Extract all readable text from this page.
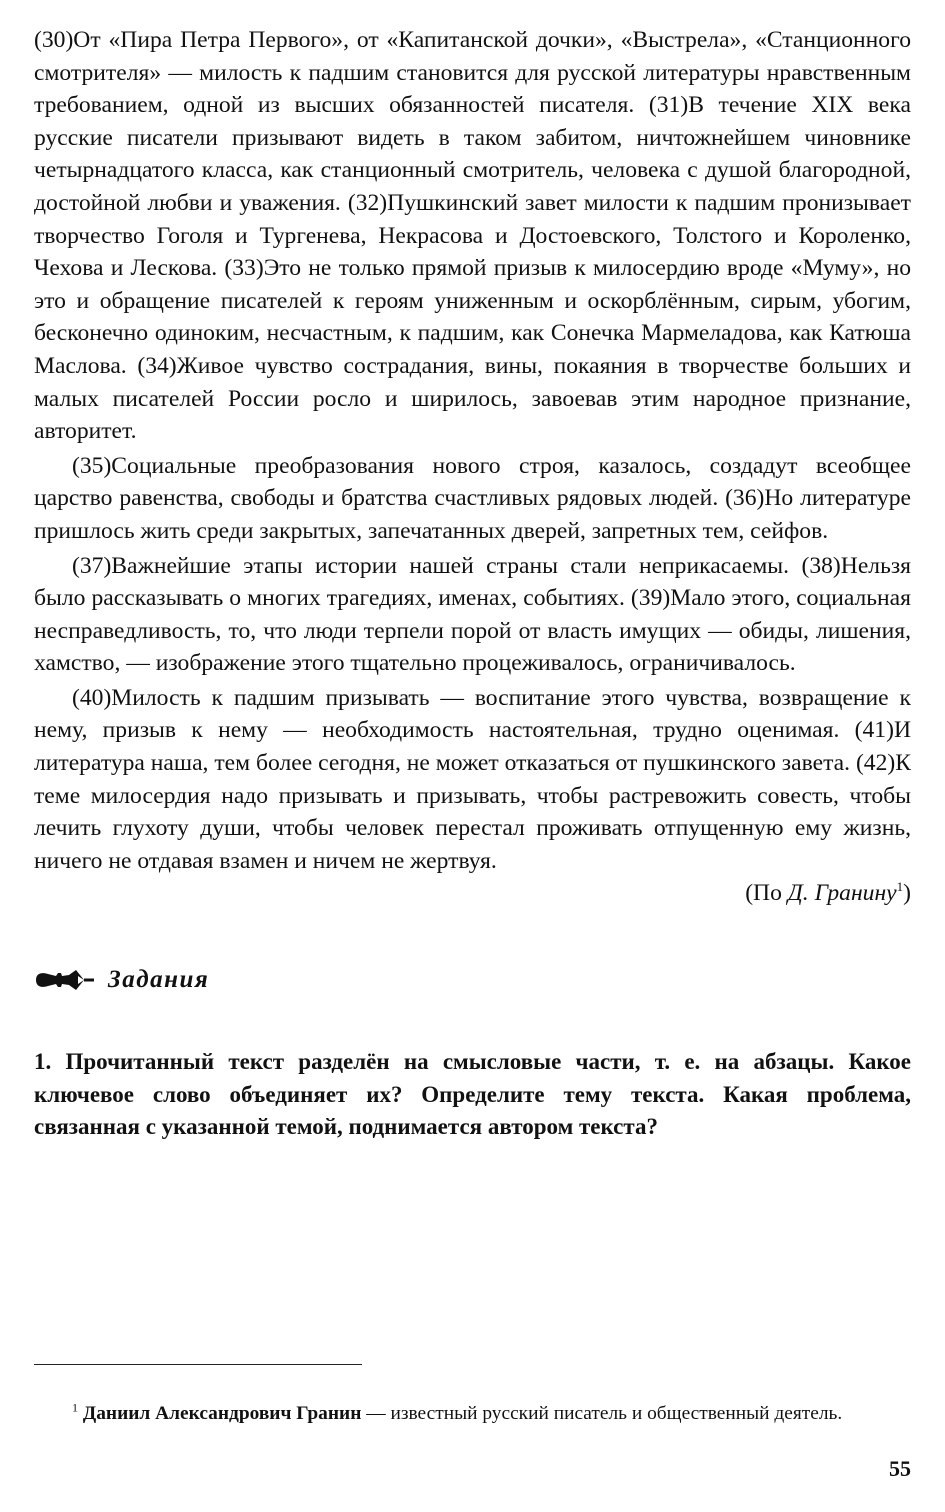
(30)От «Пира Петра Первого», от «Капитанской дочки», «Выстрела», «Станционного смотрителя» — милость к падшим становится для русской литературы нравственным требованием, одной из высших обязанностей писателя. (31)В течение XIX века русские писатели призывают видеть в таком забитом, ничтожнейшем чиновнике четырнадцатого класса, как станционный смотритель, человека с душой благородной, достойной любви и уважения. (32)Пушкинский завет милости к падшим пронизывает творчество Гоголя и Тургенева, Некрасова и Достоевского, Толстого и Короленко, Чехова и Лескова. (33)Это не только прямой призыв к милосердию вроде «Муму», но это и обращение писателей к героям униженным и оскорблённым, сирым, убогим, бесконечно одиноким, несчастным, к падшим, как Сонечка Мармеладова, как Катюша Маслова. (34)Живое чувство сострадания, вины, покаяния в творчестве больших и малых писателей России росло и ширилось, завоевав этим народное признание, авторитет.

(35)Социальные преобразования нового строя, казалось, создадут всеобщее царство равенства, свободы и братства счастливых рядовых людей. (36)Но литературе пришлось жить среди закрытых, запечатанных дверей, запретных тем, сейфов.

(37)Важнейшие этапы истории нашей страны стали неприкасаемы. (38)Нельзя было рассказывать о многих трагедиях, именах, событиях. (39)Мало этого, социальная несправедливость, то, что люди терпели порой от власть имущих — обиды, лишения, хамство, — изображение этого тщательно процеживалось, ограничивалось.

(40)Милость к падшим призывать — воспитание этого чувства, возвращение к нему, призыв к нему — необходимость настоятельная, трудно оценимая. (41)И литература наша, тем более сегодня, не может отказаться от пушкинского завета. (42)К теме милосердия надо призывать и призывать, чтобы растревожить совесть, чтобы лечить глухоту души, чтобы человек перестал проживать отпущенную ему жизнь, ничего не отдавая взамен и ничем не жертвуя.

(По Д. Гранину$^1$)

Задания

1. Прочитанный текст разделён на смысловые части, т. е. на абзацы. Какое ключевое слово объединяет их? Определите тему текста. Какая проблема, связанная с указанной темой, поднимается автором текста?

$^1$ Даниил Александрович Гранин — известный русский писатель и общественный деятель.

55
